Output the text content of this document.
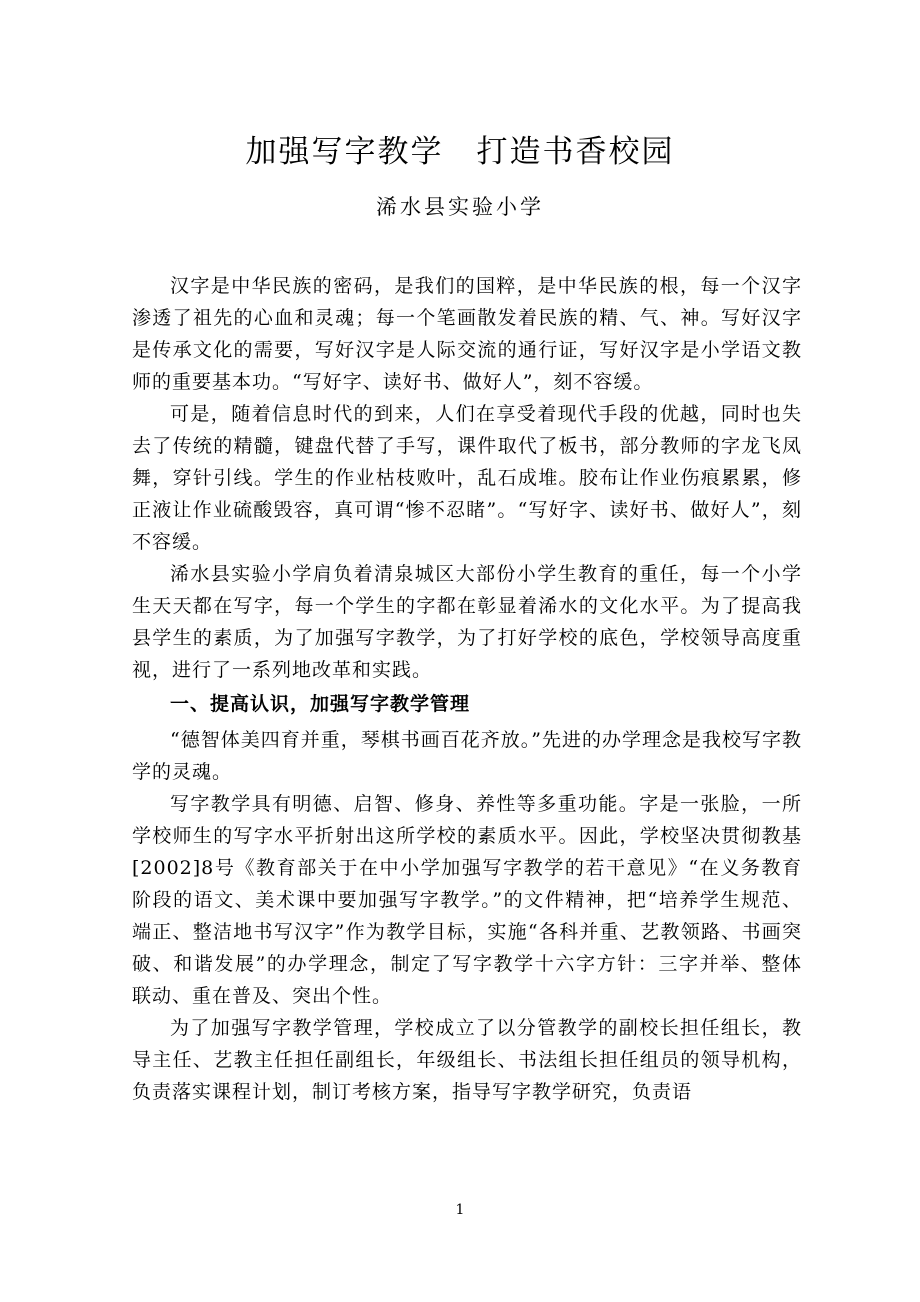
加强写字教学　打造书香校园
浠水县实验小学

汉字是中华民族的密码，是我们的国粹，是中华民族的根，每一个汉字渗透了祖先的心血和灵魂；每一个笔画散发着民族的精、气、神。写好汉字是传承文化的需要，写好汉字是人际交流的通行证，写好汉字是小学语文教师的重要基本功。“写好字、读好书、做好人”，刻不容缓。

可是，随着信息时代的到来，人们在享受着现代手段的优越，同时也失去了传统的精髓，键盘代替了手写，课件取代了板书，部分教师的字龙飞凤舞，穿针引线。学生的作业枯枝败叶，乱石成堆。胶布让作业伤痕累累，修正液让作业硫酸毁容，真可谓“惨不忍睹”。“写好字、读好书、做好人”，刻不容缓。

浠水县实验小学肩负着清泉城区大部份小学生教育的重任，每一个小学生天天都在写字，每一个学生的字都在彰显着浠水的文化水平。为了提高我县学生的素质，为了加强写字教学，为了打好学校的底色，学校领导高度重视，进行了一系列地改革和实践。

一、提高认识，加强写字教学管理

“德智体美四育并重，琴棋书画百花齐放。”先进的办学理念是我校写字教学的灵魂。

写字教学具有明德、启智、修身、养性等多重功能。字是一张脸，一所学校师生的写字水平折射出这所学校的素质水平。因此，学校坚决贯彻教基[2002]8号《教育部关于在中小学加强写字教学的若干意见》“在义务教育阶段的语文、美术课中要加强写字教学。”的文件精神，把“培养学生规范、端正、整洁地书写汉字”作为教学目标，实施“各科并重、艺教领路、书画突破、和谐发展”的办学理念，制定了写字教学十六字方针：三字并举、整体联动、重在普及、突出个性。

为了加强写字教学管理，学校成立了以分管教学的副校长担任组长，教导主任、艺教主任担任副组长，年级组长、书法组长担任组员的领导机构，负责落实课程计划，制订考核方案，指导写字教学研究，负责语

1
